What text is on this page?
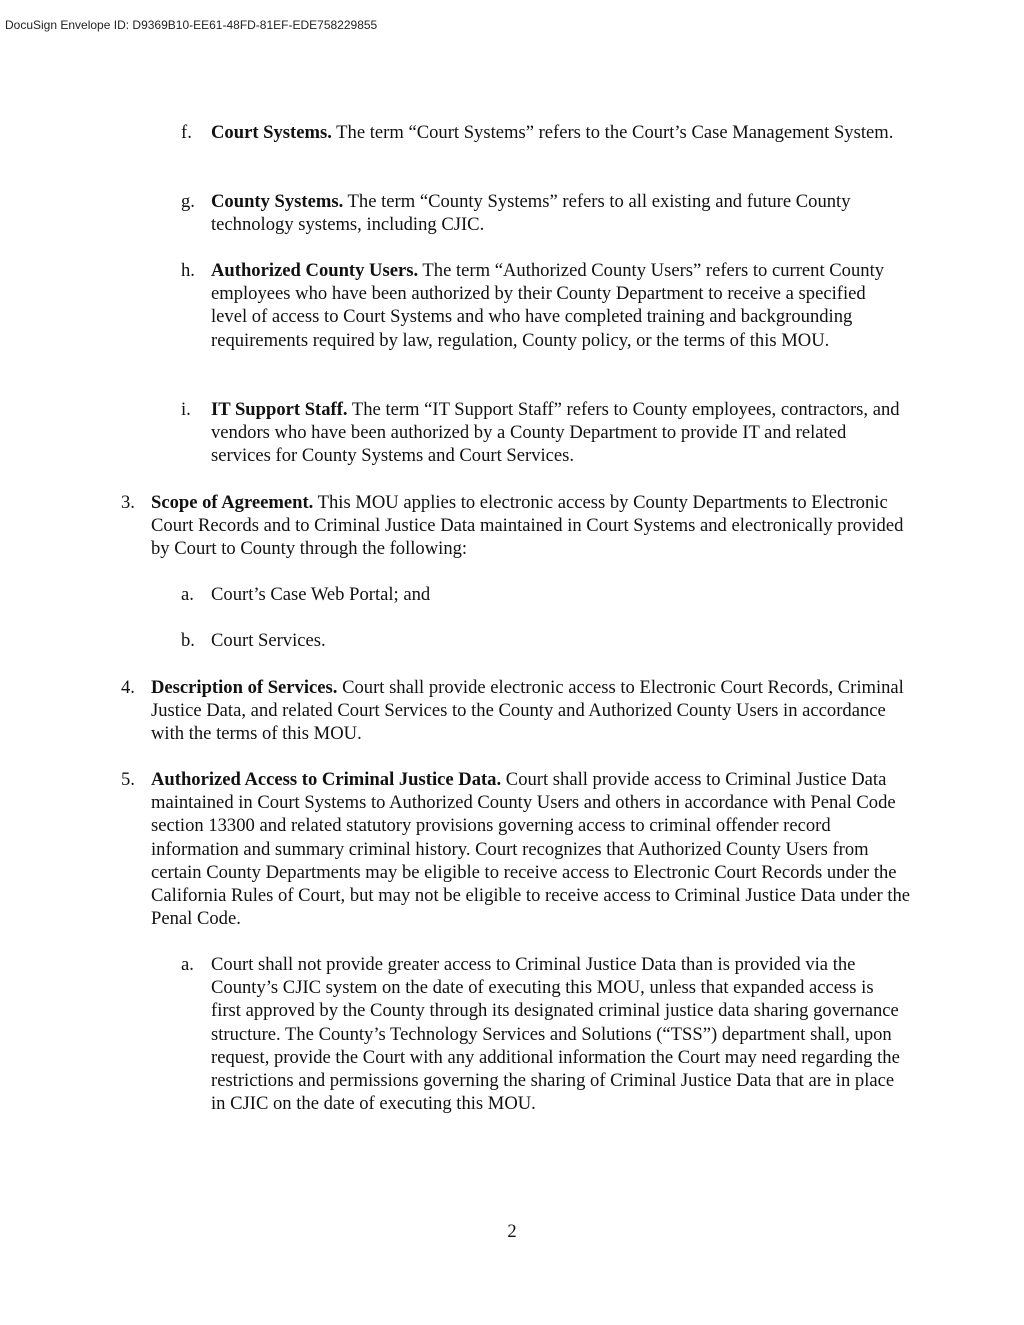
DocuSign Envelope ID: D9369B10-EE61-48FD-81EF-EDE758229855
f. Court Systems. The term “Court Systems” refers to the Court’s Case Management System.
g. County Systems. The term “County Systems” refers to all existing and future County technology systems, including CJIC.
h. Authorized County Users. The term “Authorized County Users” refers to current County employees who have been authorized by their County Department to receive a specified level of access to Court Systems and who have completed training and backgrounding requirements required by law, regulation, County policy, or the terms of this MOU.
i. IT Support Staff. The term “IT Support Staff” refers to County employees, contractors, and vendors who have been authorized by a County Department to provide IT and related services for County Systems and Court Services.
3. Scope of Agreement. This MOU applies to electronic access by County Departments to Electronic Court Records and to Criminal Justice Data maintained in Court Systems and electronically provided by Court to County through the following:
a. Court’s Case Web Portal; and
b. Court Services.
4. Description of Services. Court shall provide electronic access to Electronic Court Records, Criminal Justice Data, and related Court Services to the County and Authorized County Users in accordance with the terms of this MOU.
5. Authorized Access to Criminal Justice Data. Court shall provide access to Criminal Justice Data maintained in Court Systems to Authorized County Users and others in accordance with Penal Code section 13300 and related statutory provisions governing access to criminal offender record information and summary criminal history. Court recognizes that Authorized County Users from certain County Departments may be eligible to receive access to Electronic Court Records under the California Rules of Court, but may not be eligible to receive access to Criminal Justice Data under the Penal Code.
a. Court shall not provide greater access to Criminal Justice Data than is provided via the County’s CJIC system on the date of executing this MOU, unless that expanded access is first approved by the County through its designated criminal justice data sharing governance structure. The County’s Technology Services and Solutions (“TSS”) department shall, upon request, provide the Court with any additional information the Court may need regarding the restrictions and permissions governing the sharing of Criminal Justice Data that are in place in CJIC on the date of executing this MOU.
2
